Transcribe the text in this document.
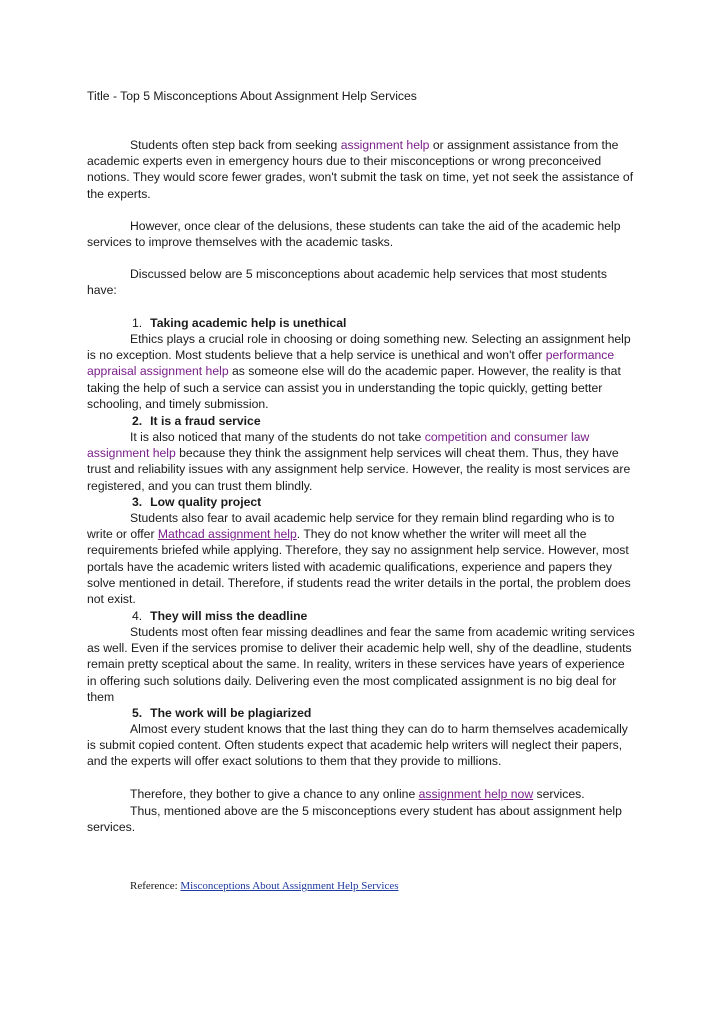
Title - Top 5 Misconceptions About Assignment Help Services

Students often step back from seeking assignment help or assignment assistance from the academic experts even in emergency hours due to their misconceptions or wrong preconceived notions. They would score fewer grades, won't submit the task on time, yet not seek the assistance of the experts.

However, once clear of the delusions, these students can take the aid of the academic help services to improve themselves with the academic tasks.

Discussed below are 5 misconceptions about academic help services that most students have:

1. Taking academic help is unethical

Ethics plays a crucial role in choosing or doing something new. Selecting an assignment help is no exception. Most students believe that a help service is unethical and won't offer performance appraisal assignment help as someone else will do the academic paper. However, the reality is that taking the help of such a service can assist you in understanding the topic quickly, getting better schooling, and timely submission.

2. It is a fraud service

It is also noticed that many of the students do not take competition and consumer law assignment help because they think the assignment help services will cheat them. Thus, they have trust and reliability issues with any assignment help service. However, the reality is most services are registered, and you can trust them blindly.

3. Low quality project

Students also fear to avail academic help service for they remain blind regarding who is to write or offer Mathcad assignment help. They do not know whether the writer will meet all the requirements briefed while applying. Therefore, they say no assignment help service. However, most portals have the academic writers listed with academic qualifications, experience and papers they solve mentioned in detail. Therefore, if students read the writer details in the portal, the problem does not exist.

4. They will miss the deadline

Students most often fear missing deadlines and fear the same from academic writing services as well. Even if the services promise to deliver their academic help well, shy of the deadline, students remain pretty sceptical about the same. In reality, writers in these services have years of experience in offering such solutions daily. Delivering even the most complicated assignment is no big deal for them

5. The work will be plagiarized

Almost every student knows that the last thing they can do to harm themselves academically is submit copied content. Often students expect that academic help writers will neglect their papers, and the experts will offer exact solutions to them that they provide to millions.

Therefore, they bother to give a chance to any online assignment help now services.

Thus, mentioned above are the 5 misconceptions every student has about assignment help services.

Reference: Misconceptions About Assignment Help Services
